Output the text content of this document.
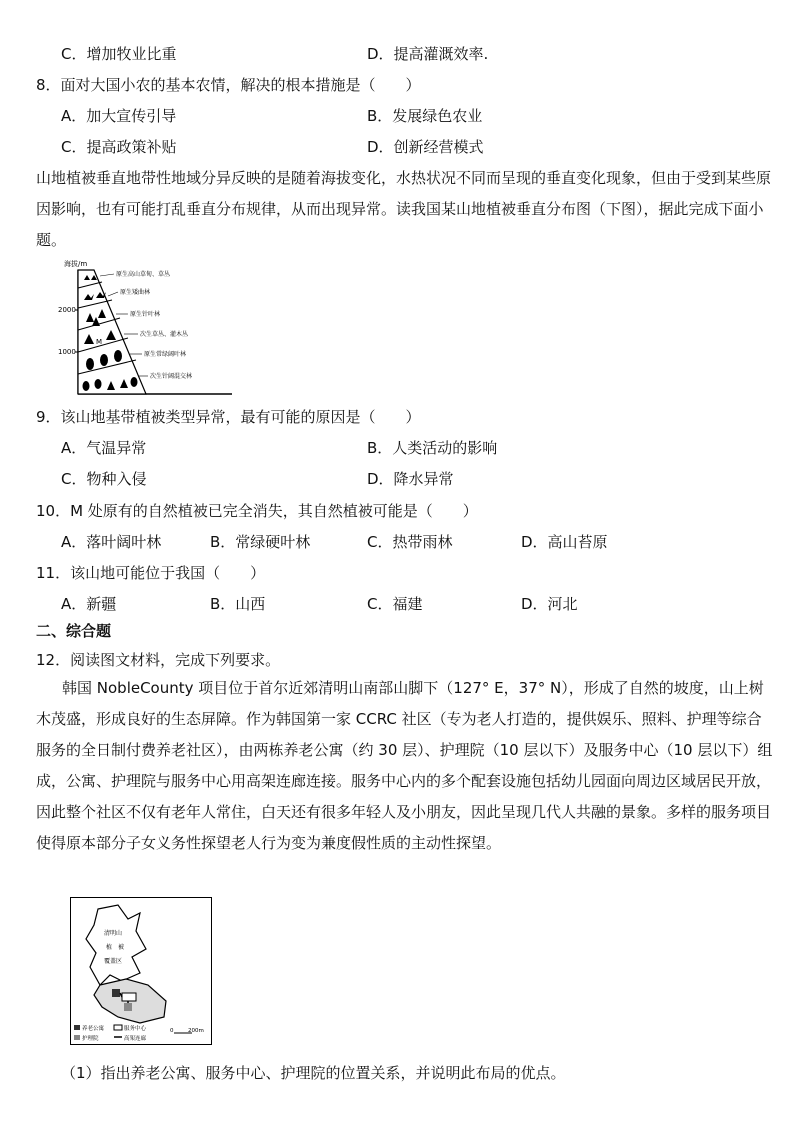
C．增加牧业比重	D．提高灌溉效率.
8．面对大国小农的基本农情，解决的根本措施是（　　）
A．加大宣传引导	B．发展绿色农业
C．提高政策补贴	D．创新经营模式
山地植被垂直地带性地域分异反映的是随着海拔变化，水热状况不同而呈现的垂直变化现象，但由于受到某些原因影响，也有可能打乱垂直分布规律，从而出现异常。读我国某山地植被垂直分布图（下图），据此完成下面小题。
海拔/m
2000
1000
M
原生高山草甸、草丛
原生矮曲林
原生针叶林
次生草丛、灌木丛
原生常绿阔叶林
次生针阔混交林
9．该山地基带植被类型异常，最有可能的原因是（　　）
A．气温异常	B．人类活动的影响
C．物种入侵	D．降水异常
10．M 处原有的自然植被已完全消失，其自然植被可能是（　　）
A．落叶阔叶林	B．常绿硬叶林	C．热带雨林	D．高山苔原
11．该山地可能位于我国（　　）
A．新疆	B．山西	C．福建	D．河北
二、综合题
12．阅读图文材料，完成下列要求。
韩国 NobleCounty 项目位于首尔近郊清明山南部山脚下（127° E，37° N），形成了自然的坡度，山上树木茂盛，形成良好的生态屏障。作为韩国第一家 CCRC 社区（专为老人打造的，提供娱乐、照料、护理等综合服务的全日制付费养老社区），由两栋养老公寓（约 30 层）、护理院（10 层以下）及服务中心（10 层以下）组成，公寓、护理院与服务中心用高架连廊连接。服务中心内的多个配套设施包括幼儿园面向周边区域居民开放，因此整个社区不仅有老年人常住，白天还有很多年轻人及小朋友，因此呈现几代人共融的景象。多样的服务项目使得原本部分子女义务性探望老人行为变为兼度假性质的主动性探望。
清明山
植　被
覆盖区
养老公寓	服务中心
护理院	高架连廊
0	200m
（1）指出养老公寓、服务中心、护理院的位置关系，并说明此布局的优点。
